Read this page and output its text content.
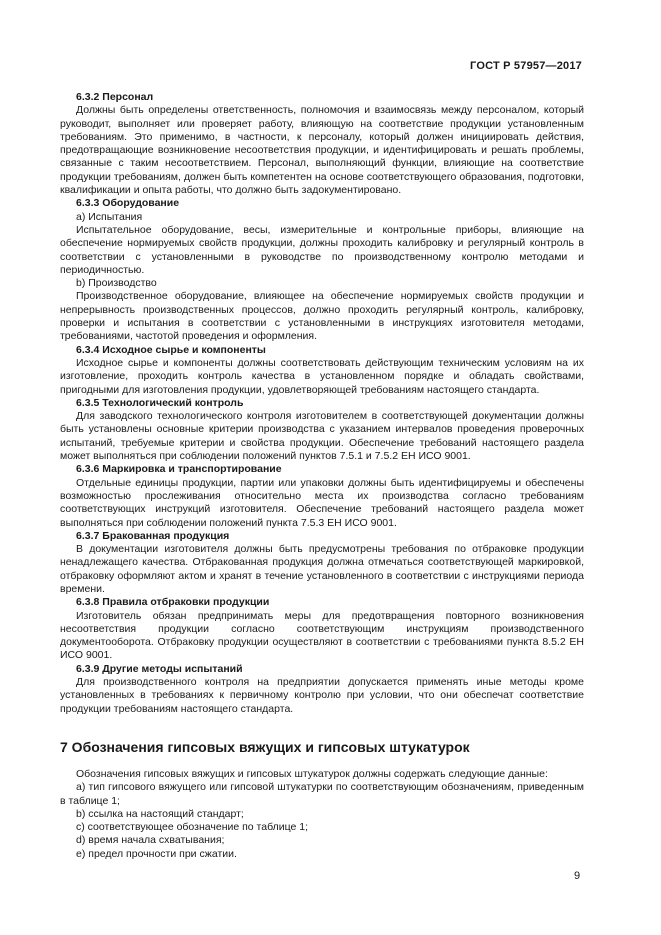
ГОСТ Р 57957—2017

6.3.2 Персонал

Должны быть определены ответственность, полномочия и взаимосвязь между персоналом, который руководит, выполняет или проверяет работу, влияющую на соответствие продукции установленным требованиям. Это применимо, в частности, к персоналу, который должен инициировать действия, предотвращающие возникновение несоответствия продукции, и идентифицировать и решать проблемы, связанные с таким несоответствием. Персонал, выполняющий функции, влияющие на соответствие продукции требованиям, должен быть компетентен на основе соответствующего образования, подготовки, квалификации и опыта работы, что должно быть задокументировано.

6.3.3 Оборудование

а) Испытания

Испытательное оборудование, весы, измерительные и контрольные приборы, влияющие на обеспечение нормируемых свойств продукции, должны проходить калибровку и регулярный контроль в соответствии с установленными в руководстве по производственному контролю методами и периодичностью.

b) Производство

Производственное оборудование, влияющее на обеспечение нормируемых свойств продукции и непрерывность производственных процессов, должно проходить регулярный контроль, калибровку, проверки и испытания в соответствии с установленными в инструкциях изготовителя методами, требованиями, частотой проведения и оформления.

6.3.4 Исходное сырье и компоненты

Исходное сырье и компоненты должны соответствовать действующим техническим условиям на их изготовление, проходить контроль качества в установленном порядке и обладать свойствами, пригодными для изготовления продукции, удовлетворяющей требованиям настоящего стандарта.

6.3.5 Технологический контроль

Для заводского технологического контроля изготовителем в соответствующей документации должны быть установлены основные критерии производства с указанием интервалов проведения проверочных испытаний, требуемые критерии и свойства продукции. Обеспечение требований настоящего раздела может выполняться при соблюдении положений пунктов 7.5.1 и 7.5.2 ЕН ИСО 9001.

6.3.6 Маркировка и транспортирование

Отдельные единицы продукции, партии или упаковки должны быть идентифицируемы и обеспечены возможностью прослеживания относительно места их производства согласно требованиям соответствующих инструкций изготовителя. Обеспечение требований настоящего раздела может выполняться при соблюдении положений пункта 7.5.3 ЕН ИСО 9001.

6.3.7 Бракованная продукция

В документации изготовителя должны быть предусмотрены требования по отбраковке продукции ненадлежащего качества. Отбракованная продукция должна отмечаться соответствующей маркировкой, отбраковку оформляют актом и хранят в течение установленного в соответствии с инструкциями периода времени.

6.3.8 Правила отбраковки продукции

Изготовитель обязан предпринимать меры для предотвращения повторного возникновения несоответствия продукции согласно соответствующим инструкциям производственного документооборота. Отбраковку продукции осуществляют в соответствии с требованиями пункта 8.5.2 ЕН ИСО 9001.

6.3.9 Другие методы испытаний

Для производственного контроля на предприятии допускается применять иные методы кроме установленных в требованиях к первичному контролю при условии, что они обеспечат соответствие продукции требованиям настоящего стандарта.

7 Обозначения гипсовых вяжущих и гипсовых штукатурок

Обозначения гипсовых вяжущих и гипсовых штукатурок должны содержать следующие данные:

а) тип гипсового вяжущего или гипсовой штукатурки по соответствующим обозначениям, приведенным в таблице 1;

b) ссылка на настоящий стандарт;

c) соответствующее обозначение по таблице 1;

d) время начала схватывания;

e) предел прочности при сжатии.

9
